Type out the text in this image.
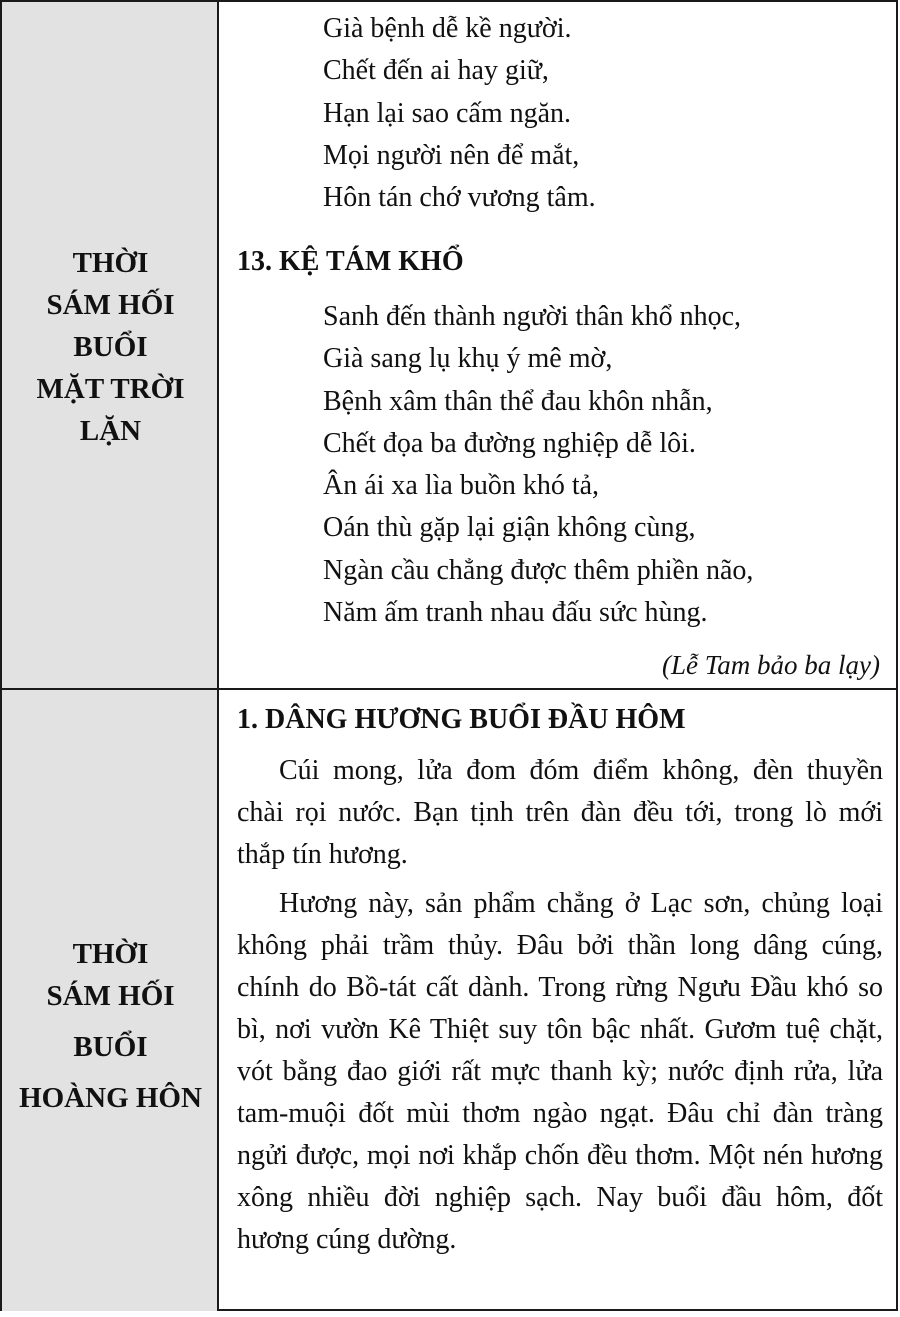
THỜI
SÁM HỐI
BUỔI
MẶT TRỜI
LẶN
Già bệnh dễ kề người.
Chết đến ai hay giữ,
Hạn lại sao cấm ngăn.
Mọi người nên để mắt,
Hôn tán chớ vương tâm.
13. KỆ TÁM KHỔ
Sanh đến thành người thân khổ nhọc,
Già sang lụ khụ ý mê mờ,
Bệnh xâm thân thể đau khôn nhẫn,
Chết đọa ba đường nghiệp dễ lôi.
Ân ái xa lìa buồn khó tả,
Oán thù gặp lại giận không cùng,
Ngàn cầu chẳng được thêm phiền não,
Năm ấm tranh nhau đấu sức hùng.
(Lễ Tam bảo ba lạy)
THỜI
SÁM HỐI
BUỔI
HOÀNG HÔN
1. DÂNG HƯƠNG BUỔI ĐẦU HÔM
Cúi mong, lửa đom đóm điểm không, đèn thuyền chài rọi nước. Bạn tịnh trên đàn đều tới, trong lò mới thắp tín hương.
Hương này, sản phẩm chẳng ở Lạc sơn, chủng loại không phải trầm thủy. Đâu bởi thần long dâng cúng, chính do Bồ-tát cất dành. Trong rừng Ngưu Đầu khó so bì, nơi vườn Kê Thiệt suy tôn bậc nhất. Gươm tuệ chặt, vót bằng đao giới rất mực thanh kỳ; nước định rửa, lửa tam-muội đốt mùi thơm ngào ngạt. Đâu chỉ đàn tràng ngửi được, mọi nơi khắp chốn đều thơm. Một nén hương xông nhiều đời nghiệp sạch. Nay buổi đầu hôm, đốt hương cúng dường.
